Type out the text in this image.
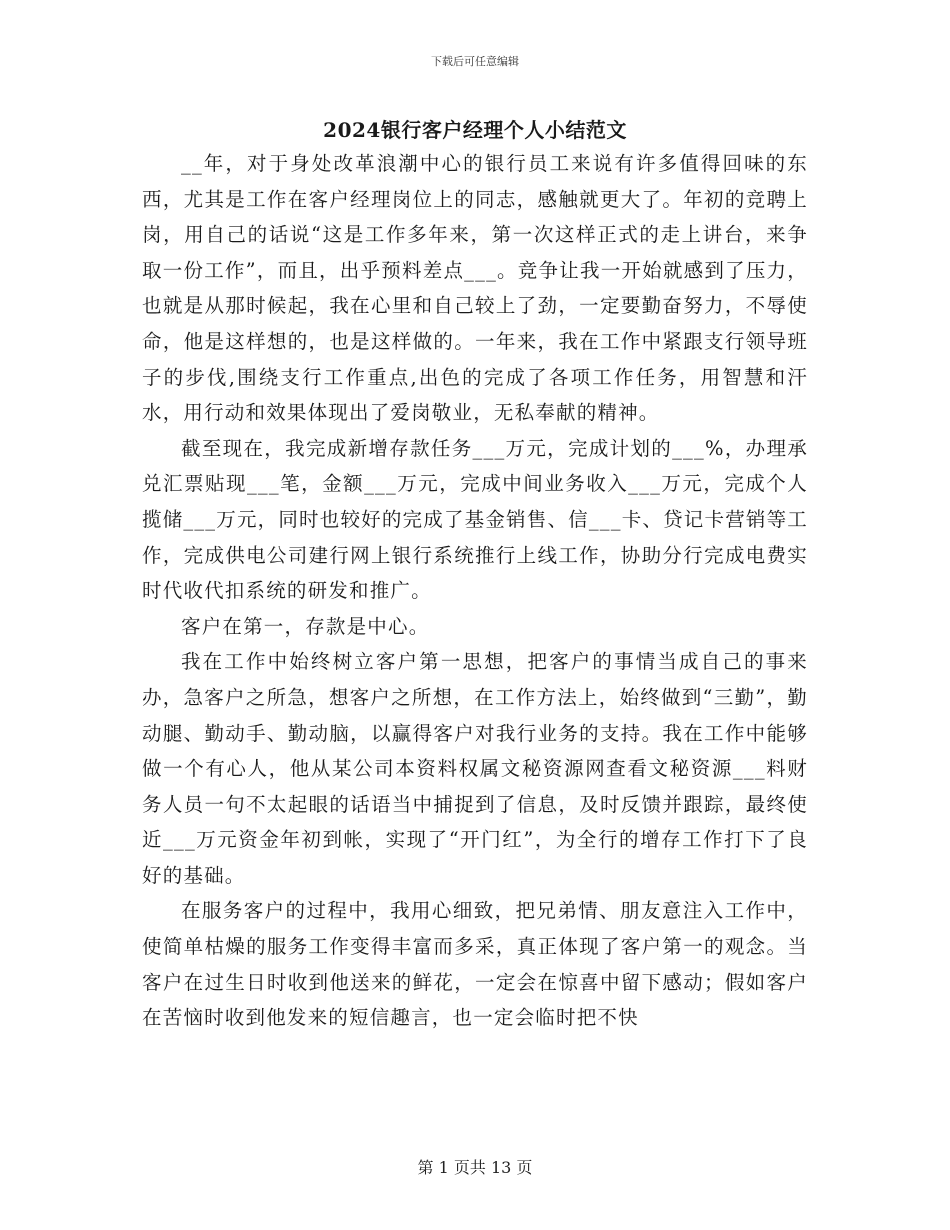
下载后可任意编辑
2024银行客户经理个人小结范文

__年，对于身处改革浪潮中心的银行员工来说有许多值得回味的东西，尤其是工作在客户经理岗位上的同志，感触就更大了。年初的竞聘上岗，用自己的话说“这是工作多年来，第一次这样正式的走上讲台，来争取一份工作”，而且，出乎预料差点___。竞争让我一开始就感到了压力，也就是从那时候起，我在心里和自己较上了劲，一定要勤奋努力，不辱使命，他是这样想的，也是这样做的。一年来，我在工作中紧跟支行领导班子的步伐,围绕支行工作重点,出色的完成了各项工作任务，用智慧和汗水，用行动和效果体现出了爱岗敬业，无私奉献的精神。

截至现在，我完成新增存款任务___万元，完成计划的___%，办理承兑汇票贴现___笔，金额___万元，完成中间业务收入___万元，完成个人揽储___万元，同时也较好的完成了基金销售、信___卡、贷记卡营销等工作，完成供电公司建行网上银行系统推行上线工作，协助分行完成电费实时代收代扣系统的研发和推广。

客户在第一，存款是中心。

我在工作中始终树立客户第一思想，把客户的事情当成自己的事来办，急客户之所急，想客户之所想，在工作方法上，始终做到“三勤”，勤动腿、勤动手、勤动脑，以赢得客户对我行业务的支持。我在工作中能够做一个有心人，他从某公司本资料权属文秘资源网查看文秘资源___料财务人员一句不太起眼的话语当中捕捉到了信息，及时反馈并跟踪，最终使近___万元资金年初到帐，实现了“开门红”，为全行的增存工作打下了良好的基础。

在服务客户的过程中，我用心细致，把兄弟情、朋友意注入工作中，使简单枯燥的服务工作变得丰富而多采，真正体现了客户第一的观念。当客户在过生日时收到他送来的鲜花，一定会在惊喜中留下感动；假如客户在苦恼时收到他发来的短信趣言，也一定会临时把不快

第 1 页共 13 页
